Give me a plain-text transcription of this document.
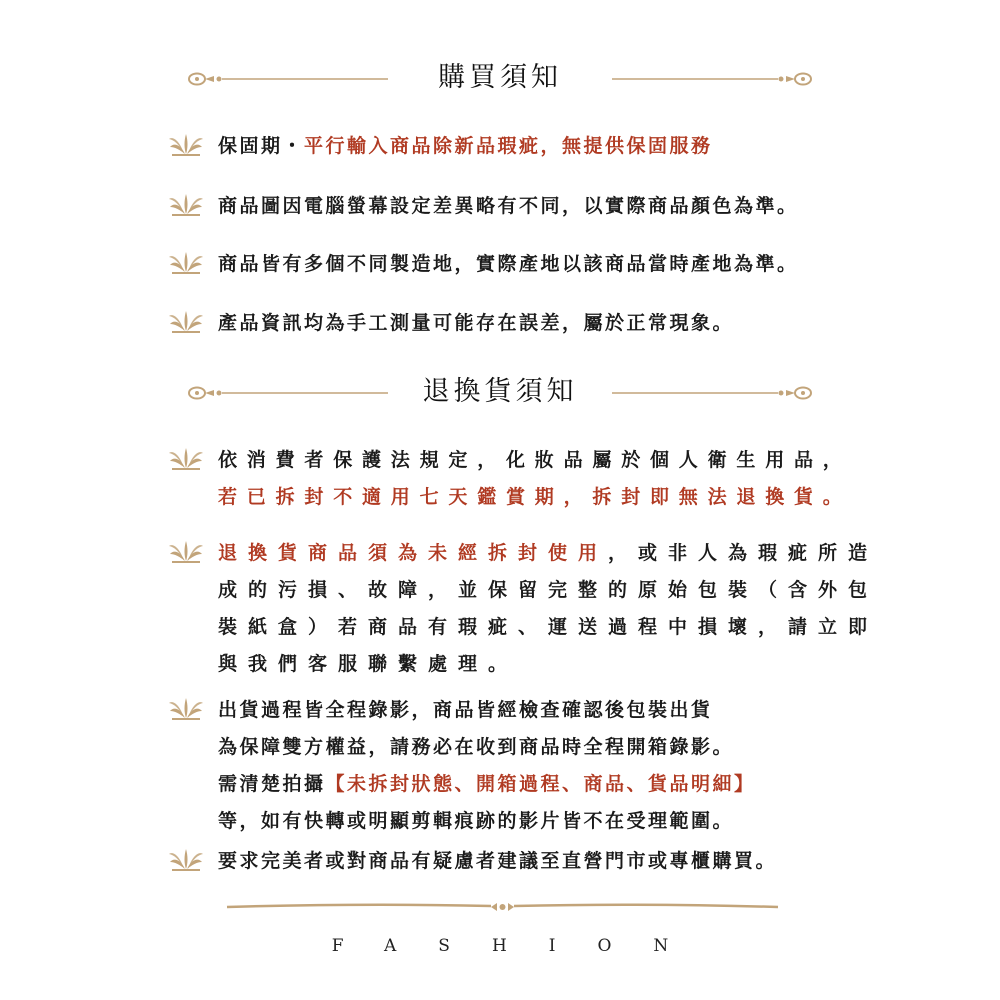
購買須知
保固期・平行輸入商品除新品瑕疵，無提供保固服務
商品圖因電腦螢幕設定差異略有不同，以實際商品顏色為準。
商品皆有多個不同製造地，實際產地以該商品當時產地為準。
產品資訊均為手工測量可能存在誤差，屬於正常現象。
退換貨須知
依消費者保護法規定，化妝品屬於個人衛生用品，
若已拆封不適用七天鑑賞期，拆封即無法退換貨。
退換貨商品須為未經拆封使用，或非人為瑕疵所造
成的污損、故障，並保留完整的原始包裝（含外包
裝紙盒）若商品有瑕疵、運送過程中損壞，請立即
與我們客服聯繫處理。
出貨過程皆全程錄影，商品皆經檢查確認後包裝出貨
為保障雙方權益，請務必在收到商品時全程開箱錄影。
需清楚拍攝【未拆封狀態、開箱過程、商品、貨品明細】
等，如有快轉或明顯剪輯痕跡的影片皆不在受理範圍。
要求完美者或對商品有疑慮者建議至直營門市或專櫃購買。
FASHION
